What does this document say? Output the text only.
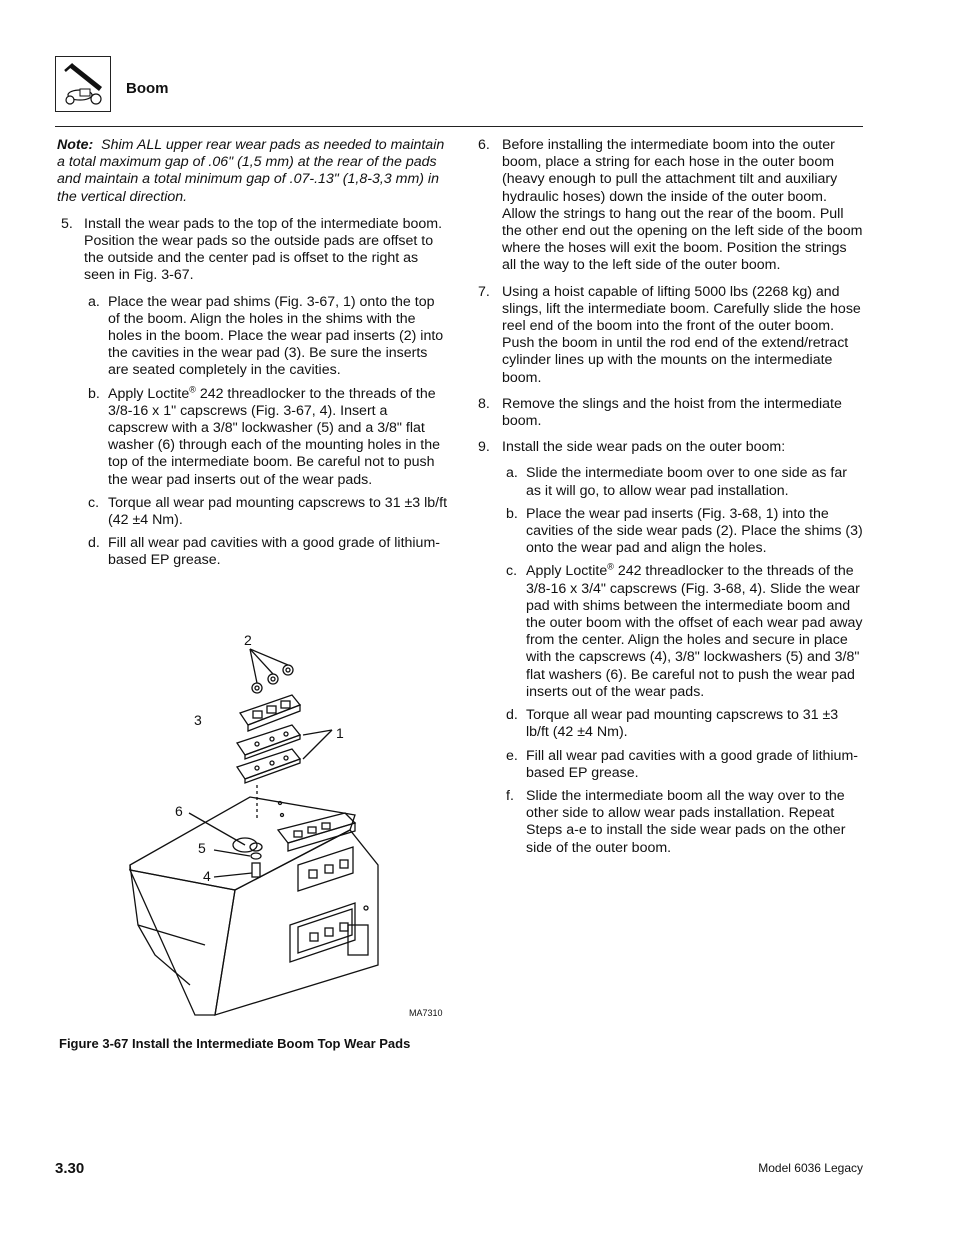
Boom
Note: Shim ALL upper rear wear pads as needed to maintain a total maximum gap of .06" (1,5 mm) at the rear of the pads and maintain a total minimum gap of .07-.13" (1,8-3,3 mm) in the vertical direction.
5. Install the wear pads to the top of the intermediate boom. Position the wear pads so the outside pads are offset to the outside and the center pad is offset to the right as seen in Fig. 3-67.
a. Place the wear pad shims (Fig. 3-67, 1) onto the top of the boom. Align the holes in the shims with the holes in the boom. Place the wear pad inserts (2) into the cavities in the wear pad (3). Be sure the inserts are seated completely in the cavities.
b. Apply Loctite® 242 threadlocker to the threads of the 3/8-16 x 1" capscrews (Fig. 3-67, 4). Insert a capscrew with a 3/8" lockwasher (5) and a 3/8" flat washer (6) through each of the mounting holes in the top of the intermediate boom. Be careful not to push the wear pad inserts out of the wear pads.
c. Torque all wear pad mounting capscrews to 31 ±3 lb/ft (42 ±4 Nm).
d. Fill all wear pad cavities with a good grade of lithium-based EP grease.
2
1
3
6
5
4
MA7310
Figure 3-67 Install the Intermediate Boom Top Wear Pads
6. Before installing the intermediate boom into the outer boom, place a string for each hose in the outer boom (heavy enough to pull the attachment tilt and auxiliary hydraulic hoses) down the inside of the outer boom. Allow the strings to hang out the rear of the boom. Pull the other end out the opening on the left side of the boom where the hoses will exit the boom. Position the strings all the way to the left side of the outer boom.
7. Using a hoist capable of lifting 5000 lbs (2268 kg) and slings, lift the intermediate boom. Carefully slide the hose reel end of the boom into the front of the outer boom. Push the boom in until the rod end of the extend/retract cylinder lines up with the mounts on the intermediate boom.
8. Remove the slings and the hoist from the intermediate boom.
9. Install the side wear pads on the outer boom:
a. Slide the intermediate boom over to one side as far as it will go, to allow wear pad installation.
b. Place the wear pad inserts (Fig. 3-68, 1) into the cavities of the side wear pads (2). Place the shims (3) onto the wear pad and align the holes.
c. Apply Loctite® 242 threadlocker to the threads of the 3/8-16 x 3/4" capscrews (Fig. 3-68, 4). Slide the wear pad with shims between the intermediate boom and the outer boom with the offset of each wear pad away from the center. Align the holes and secure in place with the capscrews (4), 3/8" lockwashers (5) and 3/8" flat washers (6). Be careful not to push the wear pad inserts out of the wear pads.
d. Torque all wear pad mounting capscrews to 31 ±3 lb/ft (42 ±4 Nm).
e. Fill all wear pad cavities with a good grade of lithium-based EP grease.
f. Slide the intermediate boom all the way over to the other side to allow wear pads installation. Repeat Steps a-e to install the side wear pads on the other side of the outer boom.
3.30	Model 6036 Legacy
